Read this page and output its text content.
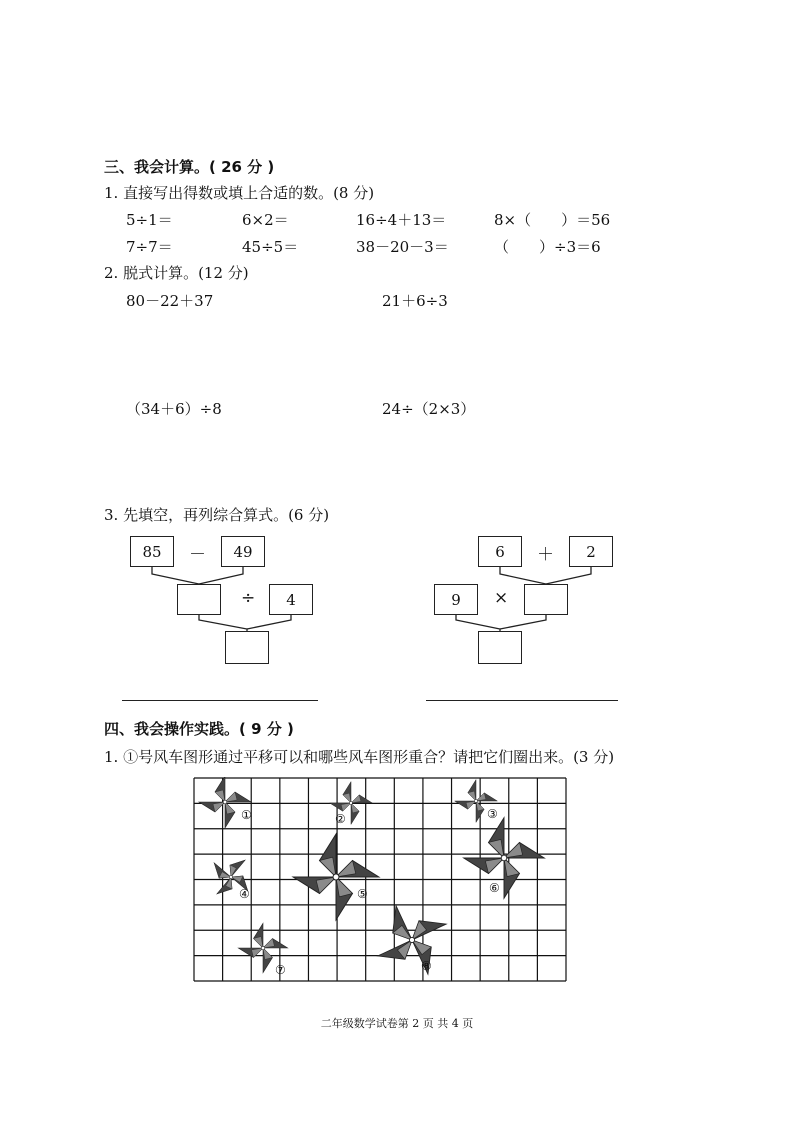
三、我会计算。( 26 分 )
1. 直接写出得数或填上合适的数。(8 分)
5÷1＝	6×2＝	16÷4＋13＝	8×（　　）＝56
7÷7＝	45÷5＝	38－20－3＝	（　　）÷3＝6
2. 脱式计算。(12 分)
80－22＋37	21＋6÷3
（34＋6）÷8	24÷（2×3）
3. 先填空，再列综合算式。(6 分)
85	－	49
÷	4
6	＋	2
9	×
四、我会操作实践。( 9 分 )
1. ①号风车图形通过平移可以和哪些风车图形重合？请把它们圈出来。(3 分)
①	②	③
④	⑤	⑥
⑦	⑧
二年级数学试卷第 2 页 共 4 页
